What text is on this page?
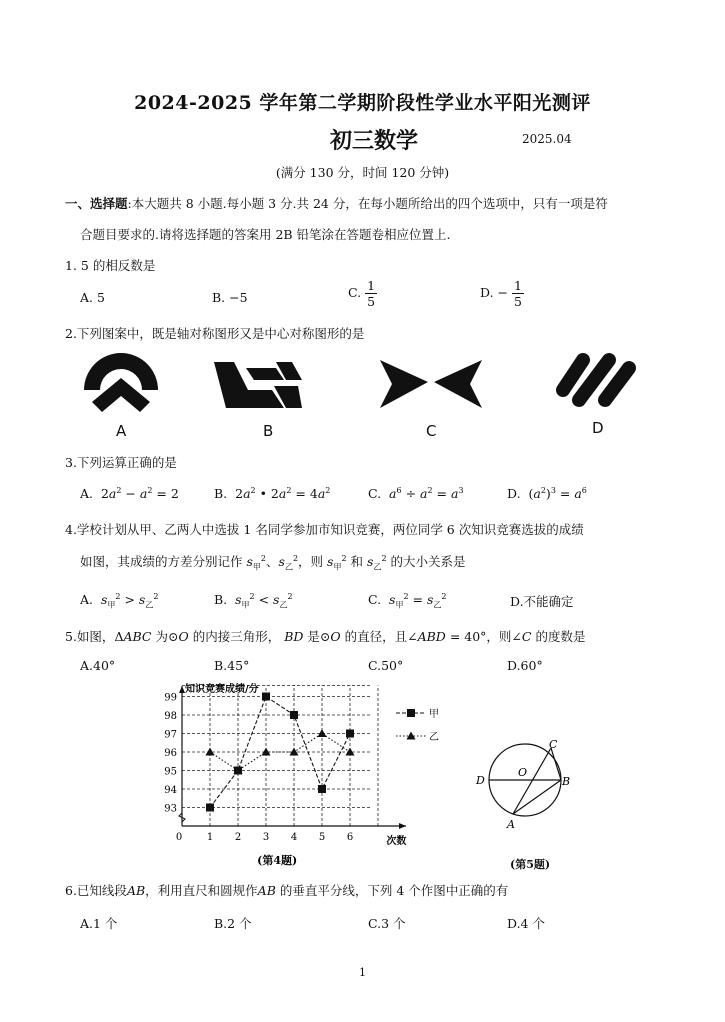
2024-2025 学年第二学期阶段性学业水平阳光测评
初三数学	2025.04
(满分 130 分，时间 120 分钟)
一、选择题:本大题共 8 小题.每小题 3 分.共 24 分，在每小题所给出的四个选项中，只有一项是符
合题目要求的.请将选择题的答案用 2B 铅笔涂在答题卷相应位置上.
1. 5 的相反数是
A. 5	B. −5	C. $\frac{1}{5}$	D. − $\frac{1}{5}$
2.下列图案中，既是轴对称图形又是中心对称图形的是
A	B	C	D
3.下列运算正确的是
A.  $2a^2 - a^2 = 2$	B.  $2a^2$ • $2a^2 = 4a^2$	C.  $a^6 \div a^2 = a^3$	D.  $(a^2)^3 = a^6$
4.学校计划从甲、乙两人中选拔 1 名同学参加市知识竞赛，两位同学 6 次知识竞赛选拔的成绩
如图，其成绩的方差分别记作 $s_甲^2$、$s_乙^2$，则 $s_甲^2$ 和 $s_乙^2$ 的大小关系是
A.  $s_甲^2 > s_乙^2$	B.  $s_甲^2 < s_乙^2$	C.  $s_甲^2 = s_乙^2$	D.不能确定
5.如图，ΔABC 为⊙O 的内接三角形， BD 是⊙O 的直径，且∠ABD = 40°，则∠C 的度数是
A.40°	B.45°	C.50°	D.60°
知识竞赛成绩/分
次数
93
94
95
96
97
98
99
0 1 2 3 4 5 6
甲
乙
(第4题)
C
O
D	B
A
(第5题)
6.已知线段AB，利用直尺和圆规作AB 的垂直平分线，下列 4 个作图中正确的有
A.1 个	B.2 个	C.3 个	D.4 个
1
